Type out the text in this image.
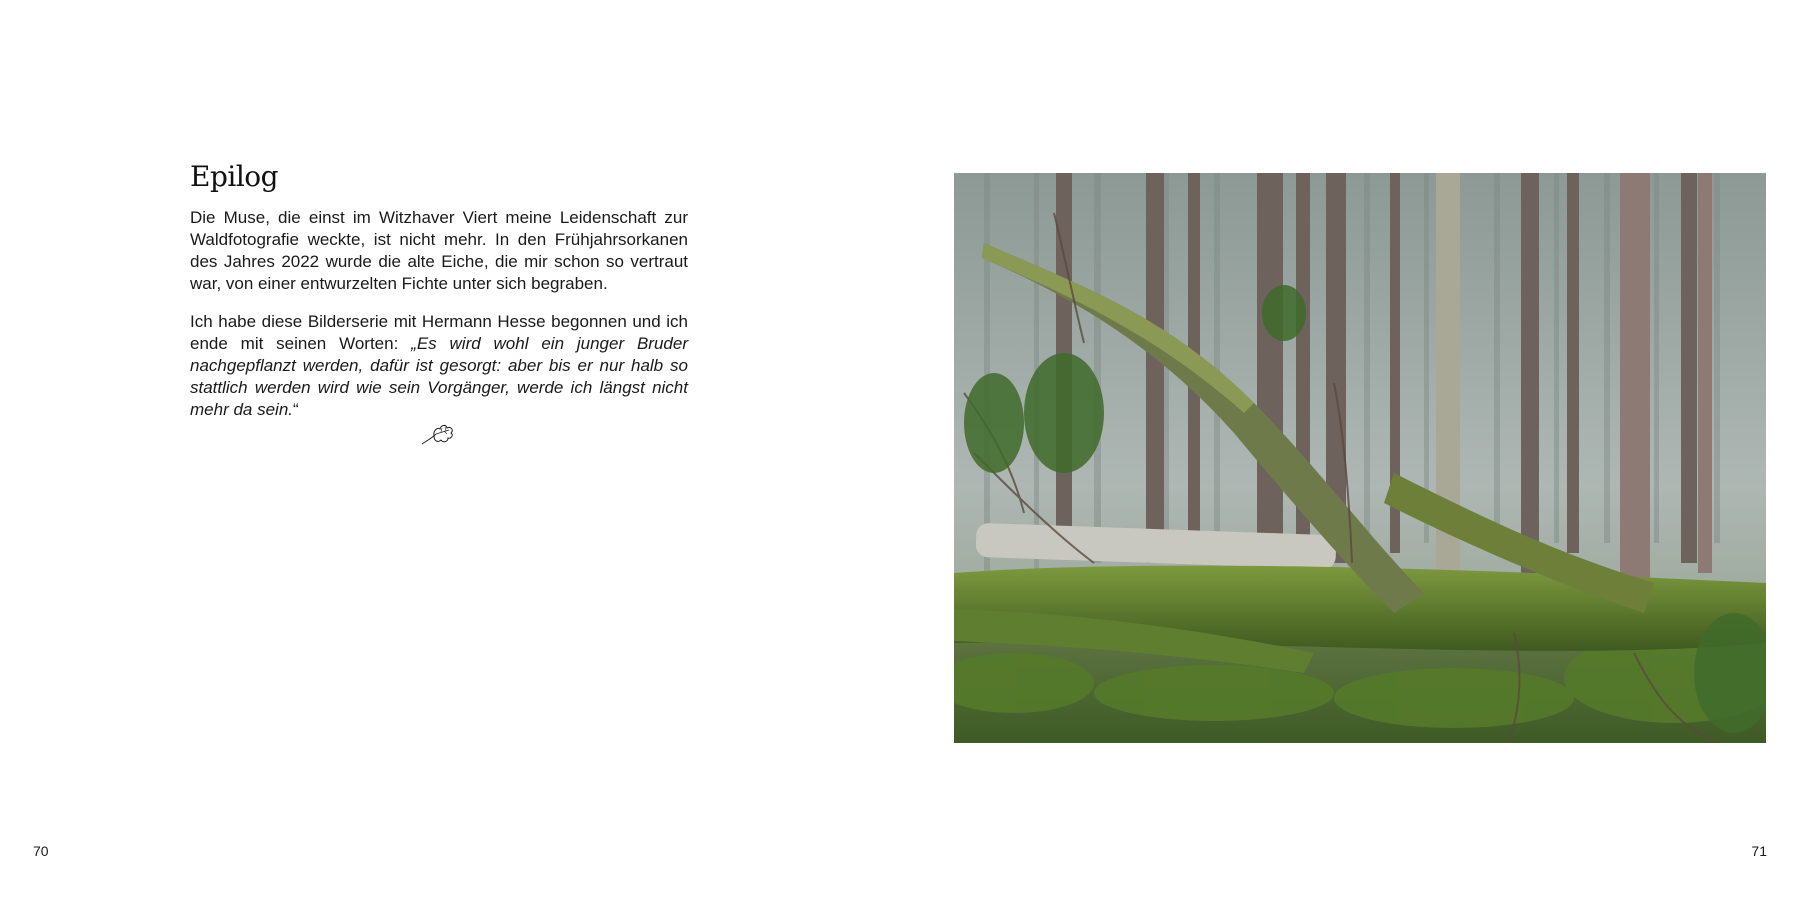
Epilog

Die Muse, die einst im Witzhaver Viert meine Leidenschaft zur Waldfotografie weckte, ist nicht mehr. In den Frühjahrsorkanen des Jahres 2022 wurde die alte Eiche, die mir schon so vertraut war, von einer entwurzelten Fichte unter sich begraben.

Ich habe diese Bilderserie mit Hermann Hesse begonnen und ich ende mit seinen Worten: „Es wird wohl ein junger Bruder nachgepflanzt werden, dafür ist gesorgt: aber bis er nur halb so stattlich werden wird wie sein Vorgänger, werde ich längst nicht mehr da sein.“

70	71
